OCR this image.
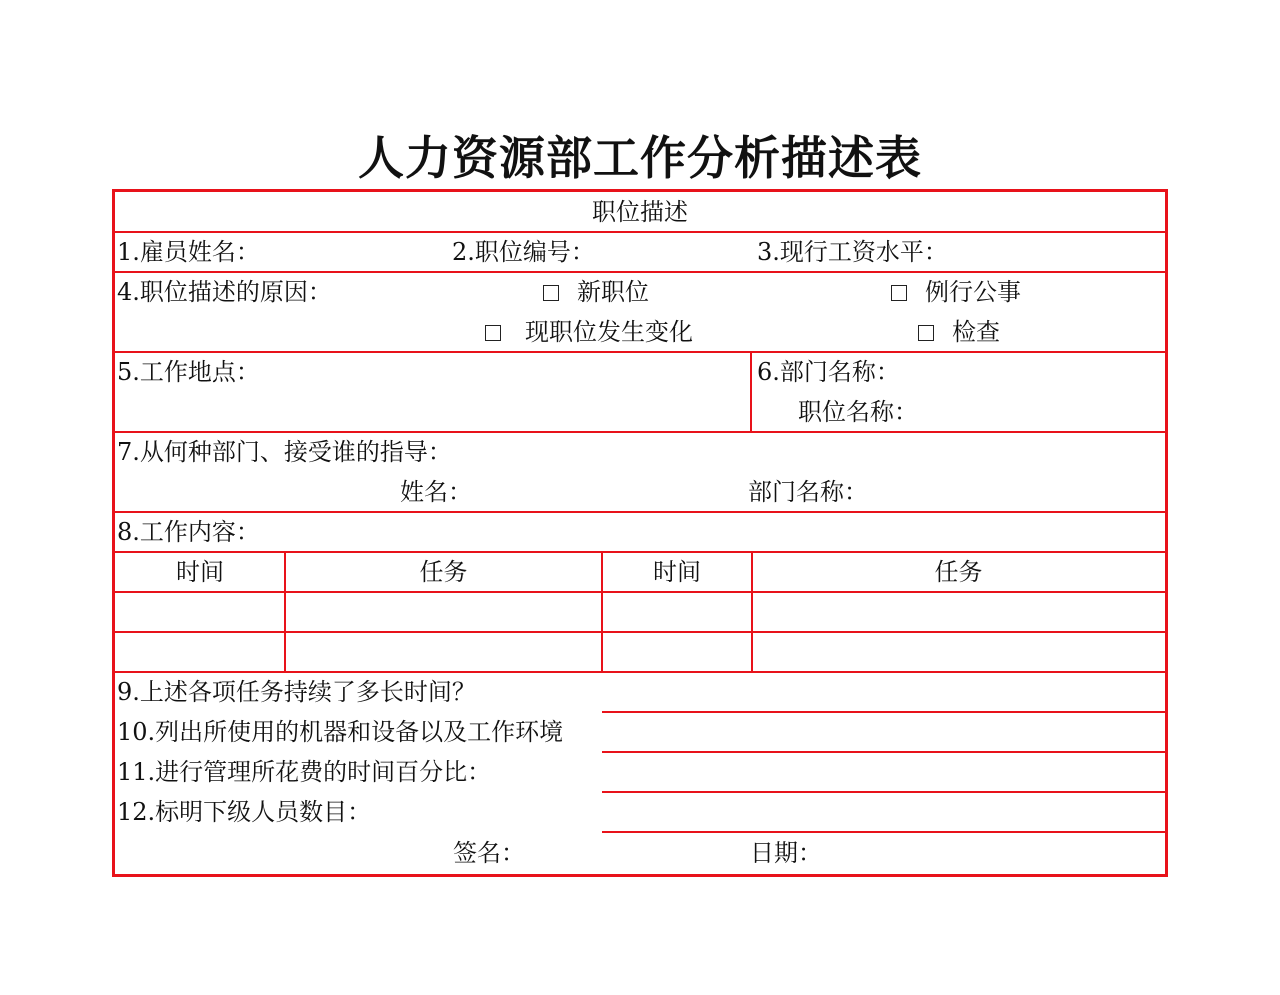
人力资源部工作分析描述表
职位描述
1.雇员姓名：	2.职位编号：	3.现行工资水平：
4.职位描述的原因：	新职位	例行公事
现职位发生变化	检查
5.工作地点：	6.部门名称：
职位名称：
7.从何种部门、接受谁的指导：
姓名：	部门名称：
8.工作内容：
时间	任务	时间	任务
9.上述各项任务持续了多长时间？
10.列出所使用的机器和设备以及工作环境
11.进行管理所花费的时间百分比：
12.标明下级人员数目：
签名：	日期：
